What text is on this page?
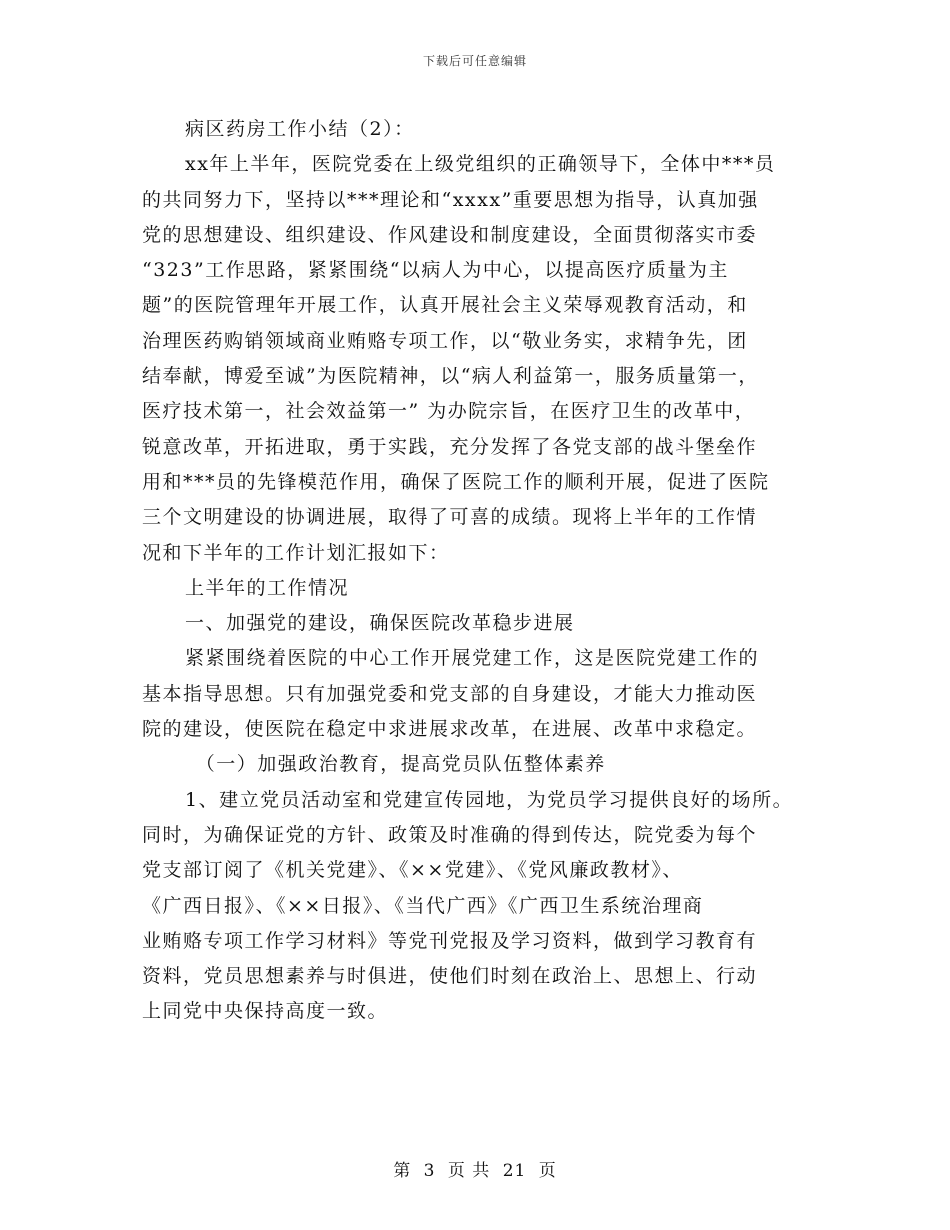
下载后可任意编辑
病区药房工作小结（2）：
xx年上半年，医院党委在上级党组织的正确领导下，全体中***员
的共同努力下，坚持以***理论和“xxxx”重要思想为指导，认真加强
党的思想建设、组织建设、作风建设和制度建设，全面贯彻落实市委
“323”工作思路，紧紧围绕“以病人为中心，以提高医疗质量为主
题”的医院管理年开展工作，认真开展社会主义荣辱观教育活动，和
治理医药购销领域商业贿赂专项工作，以“敬业务实，求精争先，团
结奉献，博爱至诚”为医院精神，以“病人利益第一，服务质量第一，
医疗技术第一，社会效益第一” 为办院宗旨，在医疗卫生的改革中，
锐意改革，开拓进取，勇于实践，充分发挥了各党支部的战斗堡垒作
用和***员的先锋模范作用，确保了医院工作的顺利开展，促进了医院
三个文明建设的协调进展，取得了可喜的成绩。现将上半年的工作情
况和下半年的工作计划汇报如下：
上半年的工作情况
一、加强党的建设，确保医院改革稳步进展
紧紧围绕着医院的中心工作开展党建工作，这是医院党建工作的
基本指导思想。只有加强党委和党支部的自身建设，才能大力推动医
院的建设，使医院在稳定中求进展求改革，在进展、改革中求稳定。
（一）加强政治教育，提高党员队伍整体素养
1、建立党员活动室和党建宣传园地，为党员学习提供良好的场所。
同时，为确保证党的方针、政策及时准确的得到传达，院党委为每个
党支部订阅了《机关党建》、《××党建》、《党风廉政教材》、
《广西日报》、《××日报》、《当代广西》《广西卫生系统治理商
业贿赂专项工作学习材料》等党刊党报及学习资料，做到学习教育有
资料，党员思想素养与时俱进，使他们时刻在政治上、思想上、行动
上同党中央保持高度一致。
第 3 页 共 21 页
